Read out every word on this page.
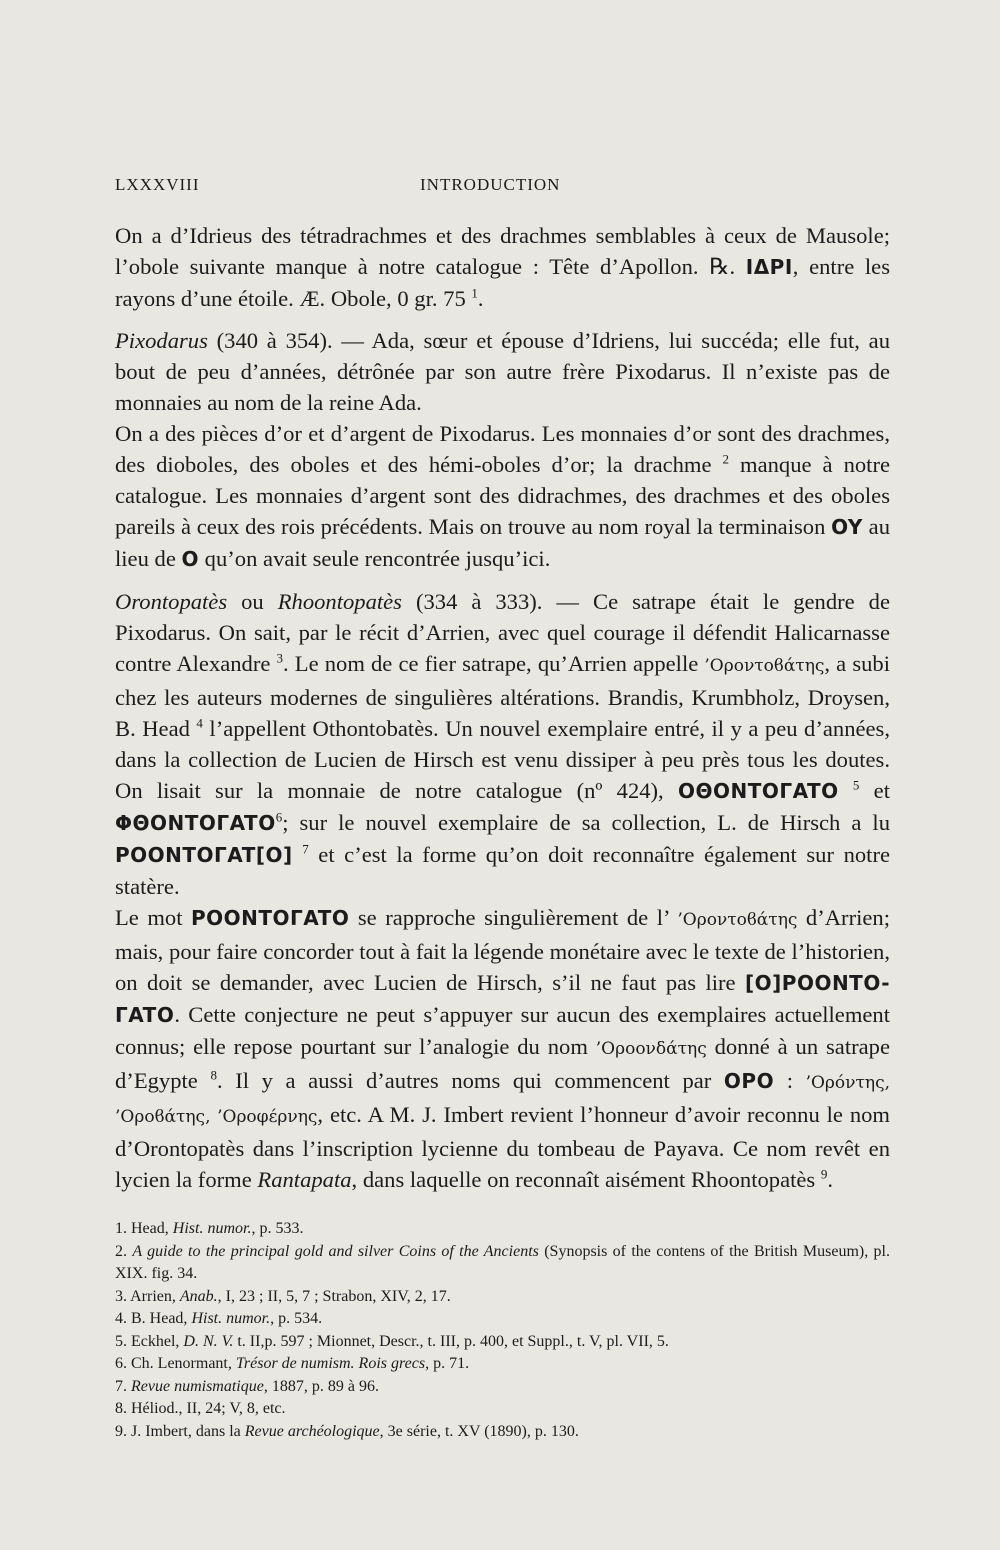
LXXXVIII	INTRODUCTION

On a d’Idrieus des tétradrachmes et des drachmes semblables à ceux de Mausole; l’obole suivante manque à notre catalogue : Tête d’Apollon. ℞. IΔPI, entre les rayons d’une étoile. Æ. Obole, 0 gr. 75 $^1$.

Pixodarus (340 à 354). — Ada, sœur et épouse d’Idriens, lui succéda; elle fut, au bout de peu d’années, détrônée par son autre frère Pixodarus. Il n’existe pas de monnaies au nom de la reine Ada.

On a des pièces d’or et d’argent de Pixodarus. Les monnaies d’or sont des drachmes, des dioboles, des oboles et des hémi-oboles d’or; la drachme $^2$ manque à notre catalogue. Les monnaies d’argent sont des didrachmes, des drachmes et des oboles pareils à ceux des rois précédents. Mais on trouve au nom royal la terminaison OY au lieu de O qu’on avait seule rencontrée jusqu’ici.

Orontopatès ou Rhoontopatès (334 à 333). — Ce satrape était le gendre de Pixodarus. On sait, par le récit d’Arrien, avec quel courage il défendit Halicarnasse contre Alexandre $^3$. Le nom de ce fier satrape, qu’Arrien appelle ’Ορoντoϐάτης, a subi chez les auteurs modernes de singulières altérations. Brandis, Krumbholz, Droysen, B. Head $^4$ l’appellent Othontobatès. Un nouvel exemplaire entré, il y a peu d’années, dans la collection de Lucien de Hirsch est venu dissiper à peu près tous les doutes. On lisait sur la monnaie de notre catalogue (nº 424), OΘONTOΓATO $^5$ et ΦΘONTOΓATO$^6$; sur le nouvel exemplaire de sa collection, L. de Hirsch a lu POONTOΓAT[O] $^7$ et c’est la forme qu’on doit reconnaître également sur notre statère.

Le mot POONTOΓATO se rapproche singulièrement de l’ ’Ορoντoϐάτης d’Arrien; mais, pour faire concorder tout à fait la légende monétaire avec le texte de l’historien, on doit se demander, avec Lucien de Hirsch, s’il ne faut pas lire [O]POONTO-ΓATO. Cette conjecture ne peut s’appuyer sur aucun des exemplaires actuellement connus; elle repose pourtant sur l’analogie du nom ’Ορooνδάτης donné à un satrape d’Egypte $^8$. Il y a aussi d’autres noms qui commencent par OPO : ’Ορόντης, ’Οροϐάτης, ’Οροφέρνης, etc. A M. J. Imbert revient l’honneur d’avoir reconnu le nom d’Orontopatès dans l’inscription lycienne du tombeau de Payava. Ce nom revêt en lycien la forme Rantapata, dans laquelle on reconnaît aisément Rhoontopatès $^9$.

1. Head, Hist. numor., p. 533.

2. A guide to the principal gold and silver Coins of the Ancients (Synopsis of the contens of the British Museum), pl. XIX. fig. 34.

3. Arrien, Anab., I, 23 ; II, 5, 7 ; Strabon, XIV, 2, 17.

4. B. Head, Hist. numor., p. 534.

5. Eckhel, D. N. V. t. II,p. 597 ; Mionnet, Descr., t. III, p. 400, et Suppl., t. V, pl. VII, 5.

6. Ch. Lenormant, Trésor de numism. Rois grecs, p. 71.

7. Revue numismatique, 1887, p. 89 à 96.

8. Héliod., II, 24; V, 8, etc.

9. J. Imbert, dans la Revue archéologique, 3e série, t. XV (1890), p. 130.
